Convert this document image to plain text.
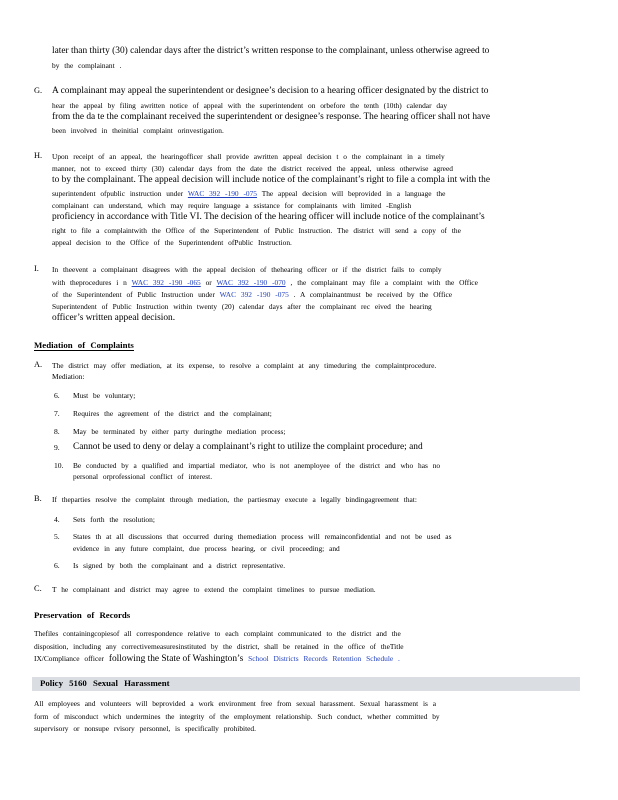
later than thirty (30) calendar days after the district’s written response to the complainant, unless otherwise agreed to
by the complainant .
G. A complainant may appeal the superintendent or designee’s decision to a hearing officer designated by the district to
hear the appeal by filing awritten notice of appeal with the superintendent on orbefore the tenth (10th) calendar day
from the da te the complainant received the superintendent or designee’s response. The hearing officer shall not have
been involved in theinitial complaint orinvestigation.
H. Upon receipt of an appeal, the hearingofficer shall provide awritten appeal decision t o the complainant in a timely
manner, not to exceed thirty (30) calendar days from the date the district received the appeal, unless otherwise agreed
to by the complainant. The appeal decision will include notice of the complainant’s right to file a compla int with the
superintendent ofpublic instruction under WAC 392 -190 -075 The appeal decision will beprovided in a language the
complainant can understand, which may require language a ssistance for complainants with limited -English
proficiency in accordance with Title VI. The decision of the hearing officer will include notice of the complainant’s
right to file a complaintwith the Office of the Superintendent of Public Instruction. The district will send a copy of the
appeal decision to the Office of the Superintendent ofPublic Instruction.
I. In theevent a complainant disagrees with the appeal decision of thehearing officer or if the district fails to comply
with theprocedures i n WAC 392 -190 -065 or WAC 392 -190 -070 , the complainant may file a complaint with the Office
of the Superintendent of Public Instruction under WAC 392 -190 -075 . A complainantmust be received by the Office
Superintendent of Public Instruction within twenty (20) calendar days after the complainant rec eived the hearing
officer’s written appeal decision.
Mediation of Complaints
A. The district may offer mediation, at its expense, to resolve a complaint at any timeduring the complaintprocedure.
Mediation:
6. Must be voluntary;
7. Requires the agreement of the district and the complainant;
8. May be terminated by either party duringthe mediation process;
9. Cannot be used to deny or delay a complainant’s right to utilize the complaint procedure; and
10. Be conducted by a qualified and impartial mediator, who is not anemployee of the district and who has no
personal orprofessional conflict of interest.
B. If theparties resolve the complaint through mediation, the partiesmay execute a legally bindingagreement that:
4. Sets forth the resolution;
5. States th at all discussions that occurred during themediation process will remainconfidential and not be used as
evidence in any future complaint, due process hearing, or civil proceeding; and
6. Is signed by both the complainant and a district representative.
C. T he complainant and district may agree to extend the complaint timelines to pursue mediation.
Preservation of Records
Thefiles containingcopiesof all correspondence relative to each complaint communicated to the district and the
disposition, including any correctivemeasuresinstituted by the district, shall be retained in the office of theTitle
IX/Compliance officer following the State of Washington’s School Districts Records Retention Schedule .
Policy 5160 Sexual Harassment
All employees and volunteers will beprovided a work environment free from sexual harassment. Sexual harassment is a
form of misconduct which undermines the integrity of the employment relationship. Such conduct, whether committed by
supervisory or nonsupe rvisory personnel, is specifically prohibited.
